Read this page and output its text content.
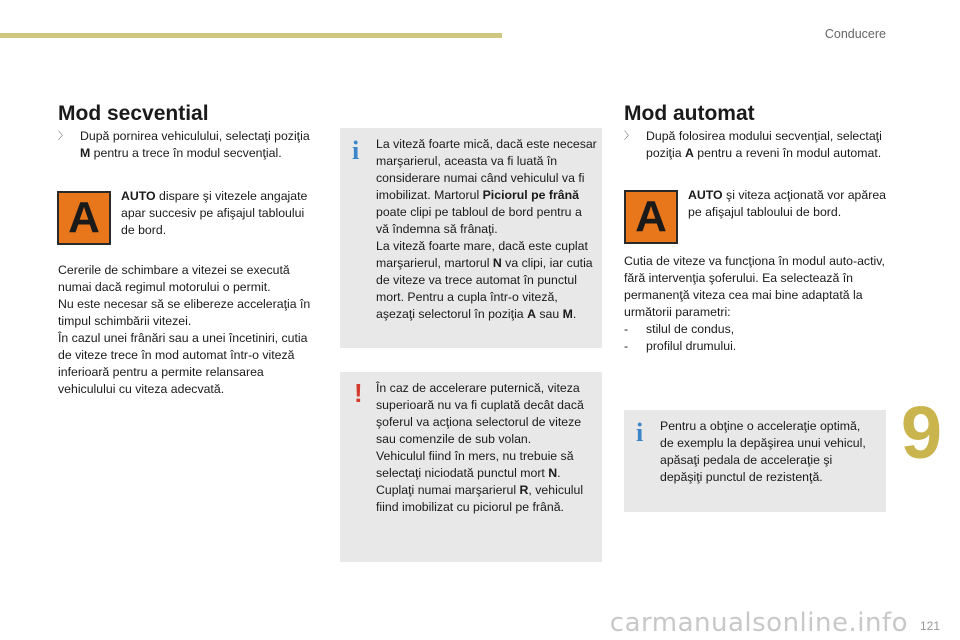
Conducere
9
Mod secvential
〉 După pornirea vehiculului, selectaţi poziţia M pentru a trece în modul secvenţial.

A AUTO dispare şi vitezele angajate apar succesiv pe afişajul tabloului de bord.

Cererile de schimbare a vitezei se execută numai dacă regimul motorului o permit.

Nu este necesar să se elibereze acceleraţia în timpul schimbării vitezei.

În cazul unei frânări sau a unei încetiniri, cutia de viteze trece în mod automat într-o viteză inferioară pentru a permite relansarea vehiculului cu viteza adecvată.

i La viteză foarte mică, dacă este necesar marşarierul, aceasta va fi luată în considerare numai când vehiculul va fi imobilizat. Martorul Piciorul pe frână poate clipi pe tabloul de bord pentru a vă îndemna să frânaţi.
La viteză foarte mare, dacă este cuplat marşarierul, martorul N va clipi, iar cutia de viteze va trece automat în punctul mort. Pentru a cupla într-o viteză, aşezaţi selectorul în poziţia A sau M.

! În caz de accelerare puternică, viteza superioară nu va fi cuplată decât dacă şoferul va acţiona selectorul de viteze sau comenzile de sub volan.
Vehiculul fiind în mers, nu trebuie să selectaţi niciodată punctul mort N.
Cuplaţi numai marşarierul R, vehiculul fiind imobilizat cu piciorul pe frână.

Mod automat
〉 După folosirea modului secvenţial, selectaţi poziţia A pentru a reveni în modul automat.

A AUTO şi viteza acţionată vor apărea pe afişajul tabloului de bord.

Cutia de viteze va funcţiona în modul auto-activ, fără intervenţia şoferului. Ea selectează în permanenţă viteza cea mai bine adaptată la următorii parametri:

-	stilul de condus,
-	profilul drumului.
i Pentru a obţine o acceleraţie optimă, de exemplu la depăşirea unui vehicul, apăsaţi pedala de acceleraţie şi depăşiţi punctul de rezistenţă.

carmanualsonline.info 121
